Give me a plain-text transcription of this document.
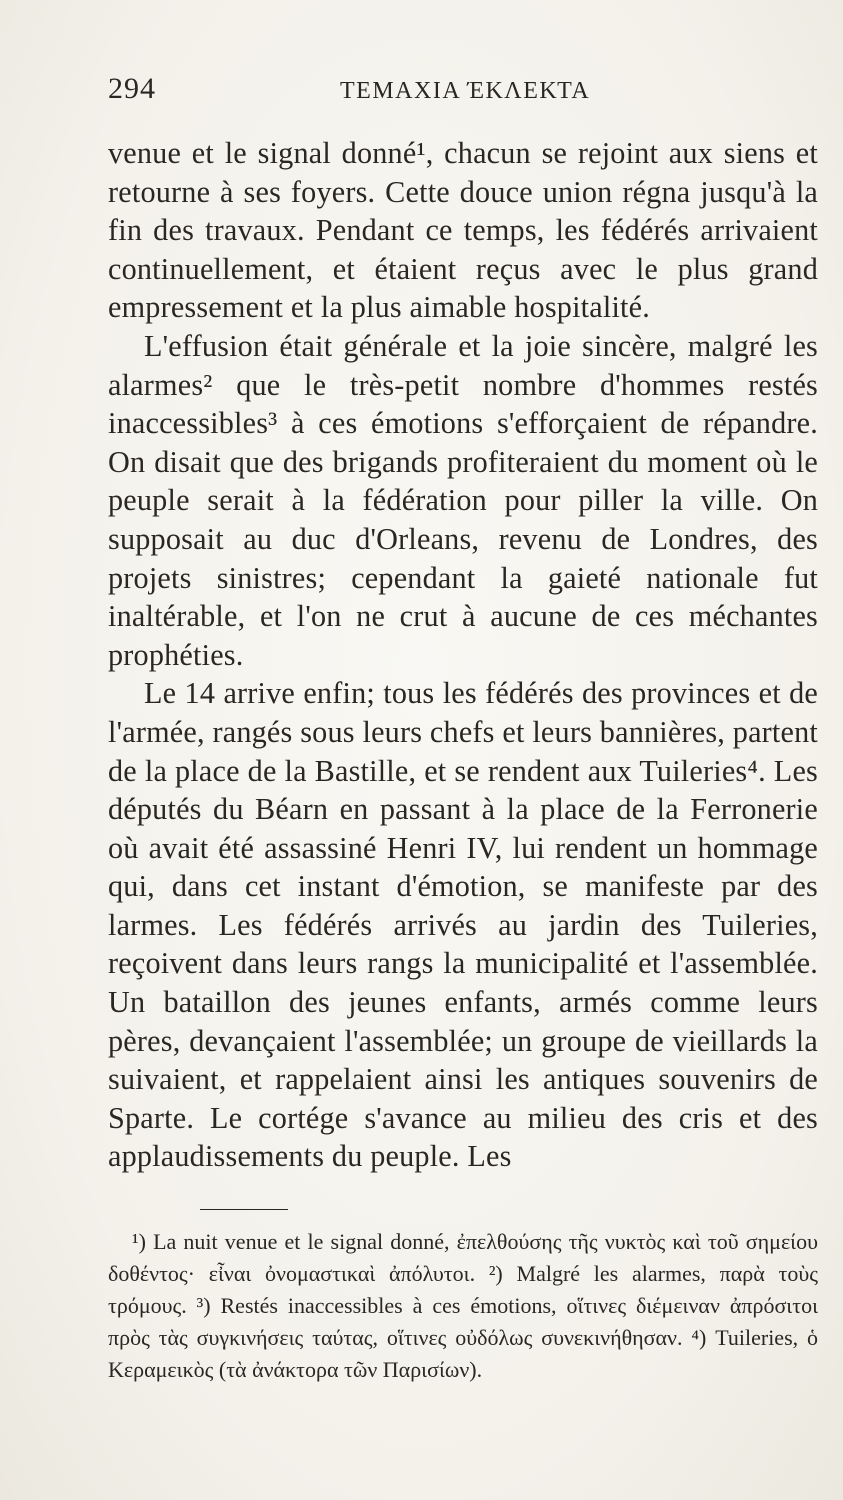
294	ΤΕΜΑΧΙΑ ΈΚΛΕΚΤΑ

venue et le signal donné¹, chacun se rejoint aux siens et retourne à ses foyers. Cette douce union régna jusqu'à la fin des travaux. Pendant ce temps, les fédérés arrivaient continuellement, et étaient reçus avec le plus grand empressement et la plus aimable hospitalité.

L'effusion était générale et la joie sincère, malgré les alarmes² que le très-petit nombre d'hommes restés inaccessibles³ à ces émotions s'efforçaient de répandre. On disait que des brigands profiteraient du moment où le peuple serait à la fédération pour piller la ville. On supposait au duc d'Orleans, revenu de Londres, des projets sinistres; cependant la gaieté nationale fut inaltérable, et l'on ne crut à aucune de ces méchantes prophéties.

Le 14 arrive enfin; tous les fédérés des provinces et de l'armée, rangés sous leurs chefs et leurs bannières, partent de la place de la Bastille, et se rendent aux Tuileries⁴. Les députés du Béarn en passant à la place de la Ferronerie où avait été assassiné Henri IV, lui rendent un hommage qui, dans cet instant d'émotion, se manifeste par des larmes. Les fédérés arrivés au jardin des Tuileries, reçoivent dans leurs rangs la municipalité et l'assemblée. Un bataillon des jeunes enfants, armés comme leurs pères, devançaient l'assemblée; un groupe de vieillards la suivaient, et rappelaient ainsi les antiques souvenirs de Sparte. Le cortége s'avance au milieu des cris et des applaudissements du peuple. Les

¹) La nuit venue et le signal donné, ἐπελθούσης τῆς νυκτὸς καὶ τοῦ σημείου δοθέντος· εἶναι ὀνομαστικαὶ ἀπόλυτοι. ²) Malgré les alarmes, παρὰ τοὺς τρόμους. ³) Restés inaccessibles à ces émotions, οἵτινες διέμειναν ἀπρόσιτοι πρὸς τὰς συγκινήσεις ταύτας, οἵτινες οὐδόλως συνεκινήθησαν. ⁴) Tuileries, ὁ Κεραμεικὸς (τὰ ἀνάκτορα τῶν Παρισίων).
